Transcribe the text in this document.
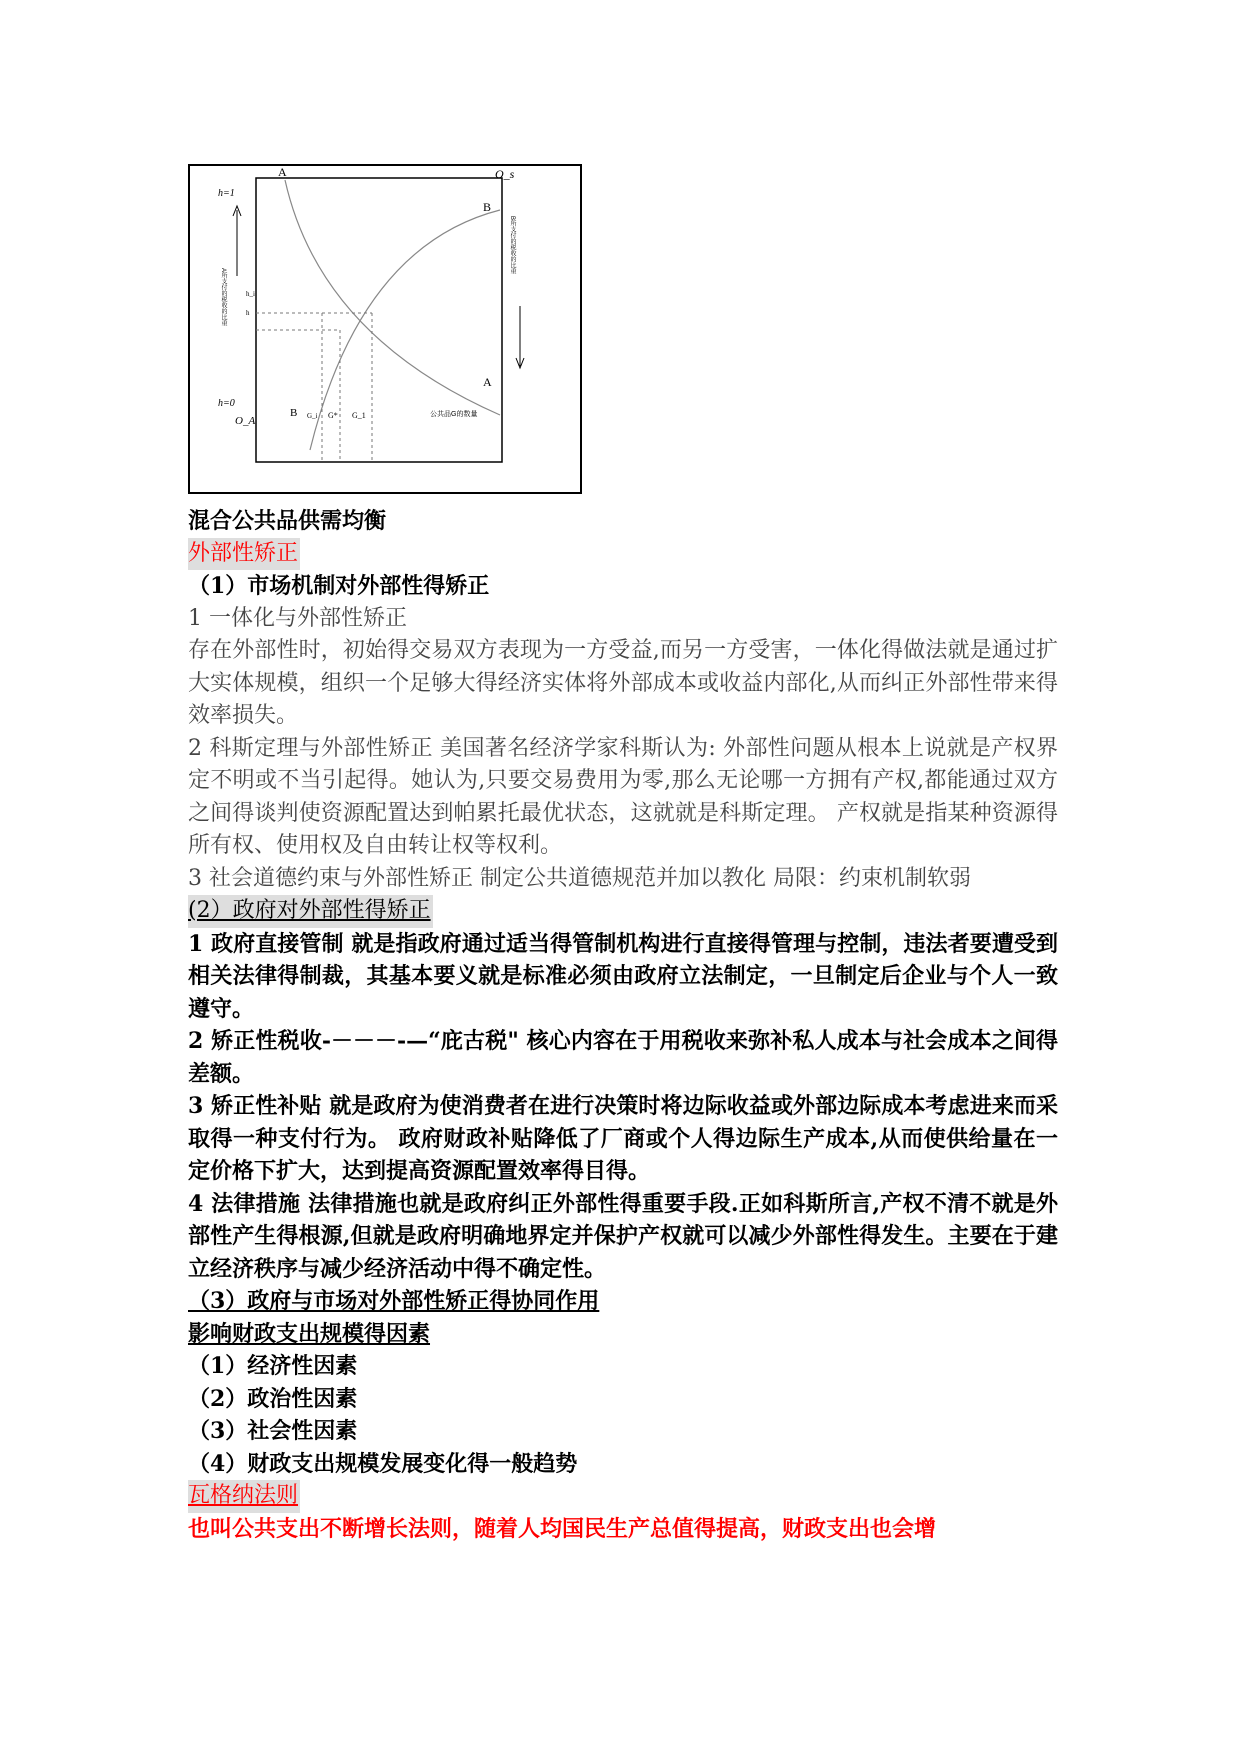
A	O_s
h=1
h=0
O_A
B
A
B
h_i
h
G_i G* G_1	公共品G的数量
A所支付的税收的比重
B所支付的税收的比重
混合公共品供需均衡
外部性矫正
（1）市场机制对外部性得矫正
1 一体化与外部性矫正
存在外部性时，初始得交易双方表现为一方受益,而另一方受害，一体化得做法就是通过扩大实体规模，组织一个足够大得经济实体将外部成本或收益内部化,从而纠正外部性带来得效率损失。
2 科斯定理与外部性矫正 美国著名经济学家科斯认为: 外部性问题从根本上说就是产权界定不明或不当引起得。她认为,只要交易费用为零,那么无论哪一方拥有产权,都能通过双方之间得谈判使资源配置达到帕累托最优状态，这就就是科斯定理。 产权就是指某种资源得所有权、使用权及自由转让权等权利。
3 社会道德约束与外部性矫正 制定公共道德规范并加以教化 局限：约束机制软弱
(2）政府对外部性得矫正
1 政府直接管制 就是指政府通过适当得管制机构进行直接得管理与控制，违法者要遭受到相关法律得制裁，其基本要义就是标准必须由政府立法制定，一旦制定后企业与个人一致遵守。
2 矫正性税收-－－－-—“庇古税" 核心内容在于用税收来弥补私人成本与社会成本之间得差额。
3 矫正性补贴 就是政府为使消费者在进行决策时将边际收益或外部边际成本考虑进来而采取得一种支付行为。 政府财政补贴降低了厂商或个人得边际生产成本,从而使供给量在一定价格下扩大，达到提高资源配置效率得目得。
4 法律措施 法律措施也就是政府纠正外部性得重要手段.正如科斯所言,产权不清不就是外部性产生得根源,但就是政府明确地界定并保护产权就可以减少外部性得发生。主要在于建立经济秩序与减少经济活动中得不确定性。
（3）政府与市场对外部性矫正得协同作用
影响财政支出规模得因素
（1）经济性因素
（2）政治性因素
（3）社会性因素
（4）财政支出规模发展变化得一般趋势
瓦格纳法则
也叫公共支出不断增长法则，随着人均国民生产总值得提高，财政支出也会增
